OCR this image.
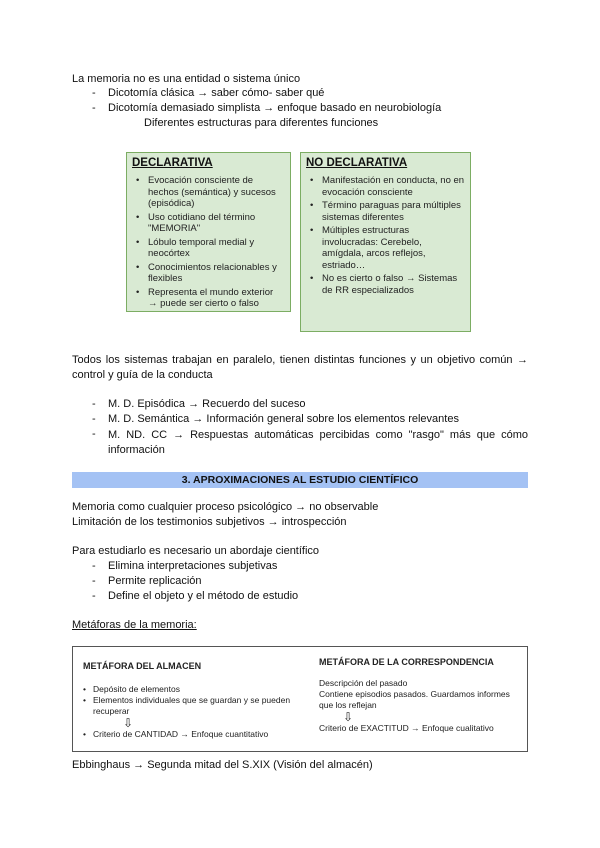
La memoria no es una entidad o sistema único
- Dicotomía clásica → saber cómo- saber qué
- Dicotomía demasiado simplista → enfoque basado en neurobiología
Diferentes estructuras para diferentes funciones
DECLARATIVA
• Evocación consciente de hechos (semántica) y sucesos (episódica)
• Uso cotidiano del término "MEMORIA"
• Lóbulo temporal medial y neocórtex
• Conocimientos relacionables y flexibles
• Representa el mundo exterior → puede ser cierto o falso
NO DECLARATIVA
• Manifestación en conducta, no en evocación consciente
• Término paraguas para múltiples sistemas diferentes
• Múltiples estructuras involucradas: Cerebelo, amígdala, arcos reflejos, estriado…
• No es cierto o falso → Sistemas de RR especializados
Todos los sistemas trabajan en paralelo, tienen distintas funciones y un objetivo común → control y guía de la conducta
- M. D. Episódica → Recuerdo del suceso
- M. D. Semántica → Información general sobre los elementos relevantes
- M. ND. CC → Respuestas automáticas percibidas como "rasgo" más que cómo información
3. APROXIMACIONES AL ESTUDIO CIENTÍFICO
Memoria como cualquier proceso psicológico → no observable
Limitación de los testimonios subjetivos → introspección
Para estudiarlo es necesario un abordaje científico
- Elimina interpretaciones subjetivas
- Permite replicación
- Define el objeto y el método de estudio
Metáforas de la memoria:
METÁFORA DEL ALMACEN
• Depósito de elementos
• Elementos individuales que se guardan y se pueden recuperar
⇩
• Criterio de CANTIDAD → Enfoque cuantitativo
METÁFORA DE LA CORRESPONDENCIA
Descripción del pasado
Contiene episodios pasados. Guardamos informes que los reflejan
⇩
Criterio de EXACTITUD → Enfoque cualitativo
Ebbinghaus → Segunda mitad del S.XIX (Visión del almacén)
